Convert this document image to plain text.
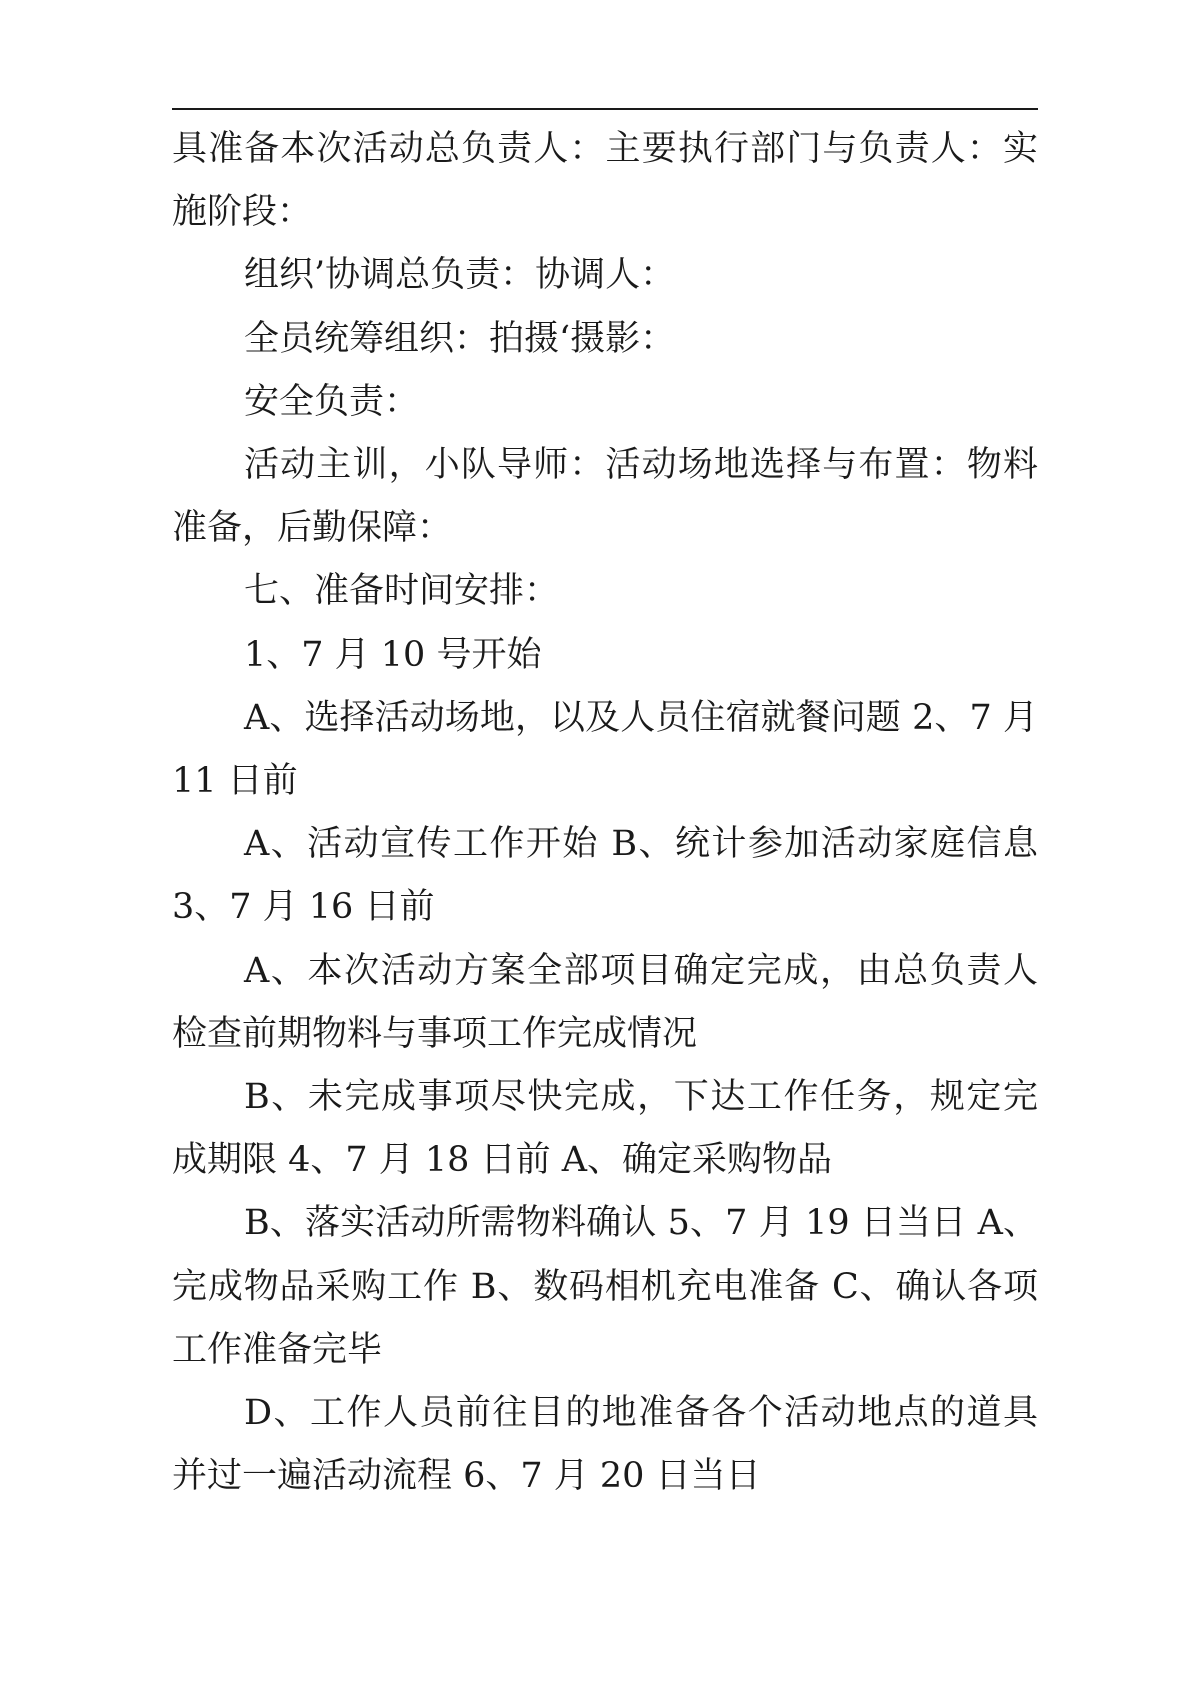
具准备本次活动总负责人：主要执行部门与负责人：实施阶段：

组织’协调总负责：协调人：

全员统筹组织：拍摄‘摄影：

安全负责：

活动主训，小队导师：活动场地选择与布置：物料准备，后勤保障：

七、准备时间安排：

1、7 月 10 号开始

A、选择活动场地，以及人员住宿就餐问题 2、7 月 11 日前

A、活动宣传工作开始 B、统计参加活动家庭信息 3、7 月 16 日前

A、本次活动方案全部项目确定完成，由总负责人检查前期物料与事项工作完成情况

B、未完成事项尽快完成，下达工作任务，规定完成期限 4、7 月 18 日前 A、确定采购物品

B、落实活动所需物料确认 5、7 月 19 日当日 A、完成物品采购工作 B、数码相机充电准备 C、确认各项工作准备完毕

D、工作人员前往目的地准备各个活动地点的道具并过一遍活动流程 6、7 月 20 日当日
